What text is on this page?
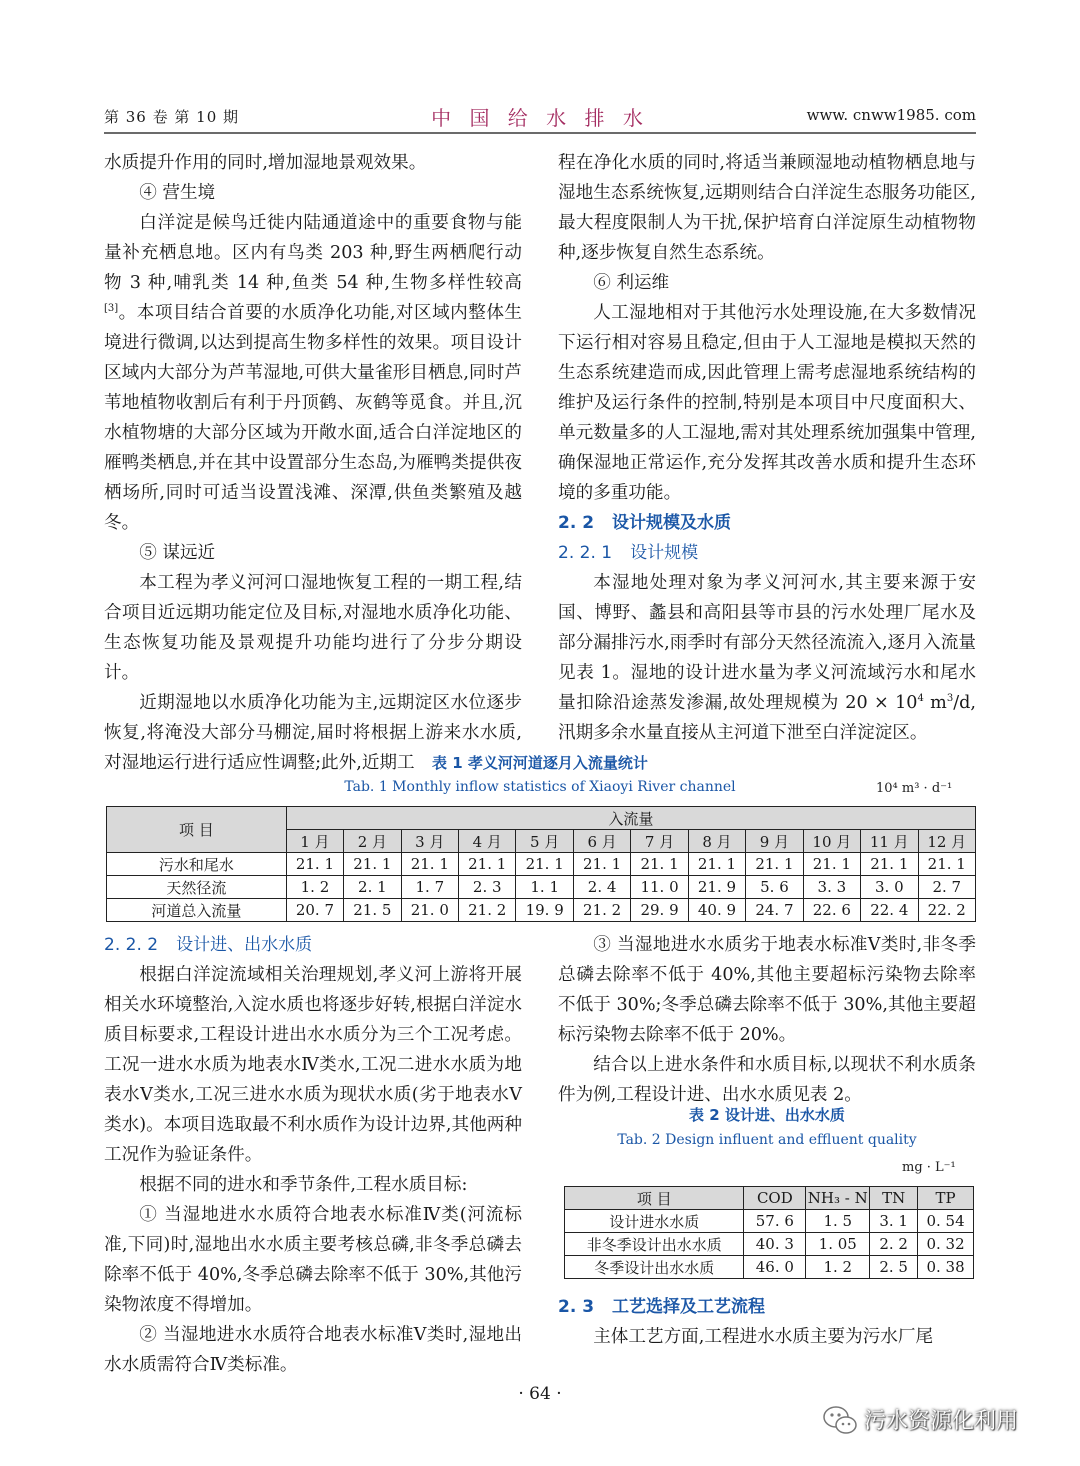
第 36 卷 第 10 期	中 国 给 水 排 水	www. cnww1985. com

水质提升作用的同时,增加湿地景观效果。

④ 营生境

白洋淀是候鸟迁徙内陆通道途中的重要食物与能量补充栖息地。区内有鸟类 203 种,野生两栖爬行动物 3 种,哺乳类 14 种,鱼类 54 种,生物多样性较高[3]。本项目结合首要的水质净化功能,对区域内整体生境进行微调,以达到提高生物多样性的效果。项目设计区域内大部分为芦苇湿地,可供大量雀形目栖息,同时芦苇地植物收割后有利于丹顶鹤、灰鹤等觅食。并且,沉水植物塘的大部分区域为开敞水面,适合白洋淀地区的雁鸭类栖息,并在其中设置部分生态岛,为雁鸭类提供夜栖场所,同时可适当设置浅滩、深潭,供鱼类繁殖及越冬。

⑤ 谋远近

本工程为孝义河河口湿地恢复工程的一期工程,结合项目近远期功能定位及目标,对湿地水质净化功能、生态恢复功能及景观提升功能均进行了分步分期设计。

近期湿地以水质净化功能为主,远期淀区水位逐步恢复,将淹没大部分马棚淀,届时将根据上游来水水质,对湿地运行进行适应性调整;此外,近期工

程在净化水质的同时,将适当兼顾湿地动植物栖息地与湿地生态系统恢复,远期则结合白洋淀生态服务功能区,最大程度限制人为干扰,保护培育白洋淀原生动植物物种,逐步恢复自然生态系统。

⑥ 利运维

人工湿地相对于其他污水处理设施,在大多数情况下运行相对容易且稳定,但由于人工湿地是模拟天然的生态系统建造而成,因此管理上需考虑湿地系统结构的维护及运行条件的控制,特别是本项目中尺度面积大、单元数量多的人工湿地,需对其处理系统加强集中管理,确保湿地正常运作,充分发挥其改善水质和提升生态环境的多重功能。

2. 2 设计规模及水质
2. 2. 1 设计规模

本湿地处理对象为孝义河河水,其主要来源于安国、博野、蠡县和高阳县等市县的污水处理厂尾水及部分漏排污水,雨季时有部分天然径流流入,逐月入流量见表 1。湿地的设计进水量为孝义河流域污水和尾水量扣除沿途蒸发渗漏,故处理规模为 $20 \times 10^4$ $m^3/d$,汛期多余水量直接从主河道下泄至白洋淀淀区。

表 1 孝义河河道逐月入流量统计
Tab. 1 Monthly inflow statistics of Xiaoyi River channel	10⁴ m³ · d⁻¹
项 目	入流量											
	1 月	2 月	3 月	4 月	5 月	6 月	7 月	8 月	9 月	10 月	11 月	12 月
污水和尾水	21. 1	21. 1	21. 1	21. 1	21. 1	21. 1	21. 1	21. 1	21. 1	21. 1	21. 1	21. 1
天然径流	1. 2	2. 1	1. 7	2. 3	1. 1	2. 4	11. 0	21. 9	5. 6	3. 3	3. 0	2. 7
河道总入流量	20. 7	21. 5	21. 0	21. 2	19. 9	21. 2	29. 9	40. 9	24. 7	22. 6	22. 4	22. 2
2. 2. 2 设计进、出水水质

根据白洋淀流域相关治理规划,孝义河上游将开展相关水环境整治,入淀水质也将逐步好转,根据白洋淀水质目标要求,工程设计进出水水质分为三个工况考虑。工况一进水水质为地表水Ⅳ类水,工况二进水水质为地表水Ⅴ类水,工况三进水水质为现状水质(劣于地表水Ⅴ类水)。本项目选取最不利水质作为设计边界,其他两种工况作为验证条件。

根据不同的进水和季节条件,工程水质目标:

① 当湿地进水水质符合地表水标准Ⅳ类(河流标准,下同)时,湿地出水水质主要考核总磷,非冬季总磷去除率不低于 40%,冬季总磷去除率不低于 30%,其他污染物浓度不得增加。

② 当湿地进水水质符合地表水标准Ⅴ类时,湿地出水水质需符合Ⅳ类标准。

③ 当湿地进水水质劣于地表水标准Ⅴ类时,非冬季总磷去除率不低于 40%,其他主要超标污染物去除率不低于 30%;冬季总磷去除率不低于 30%,其他主要超标污染物去除率不低于 20%。

结合以上进水条件和水质目标,以现状不利水质条件为例,工程设计进、出水水质见表 2。

表 2 设计进、出水水质
Tab. 2 Design influent and effluent quality
mg · L⁻¹
项 目	COD	NH₃ - N	TN	TP
设计进水水质	57. 6	1. 5	3. 1	0. 54
非冬季设计出水水质	40. 3	1. 05	2. 2	0. 32
冬季设计出水水质	46. 0	1. 2	2. 5	0. 38
2. 3 工艺选择及工艺流程

主体工艺方面,工程进水水质主要为污水厂尾

· 64 ·
污水资源化利用
